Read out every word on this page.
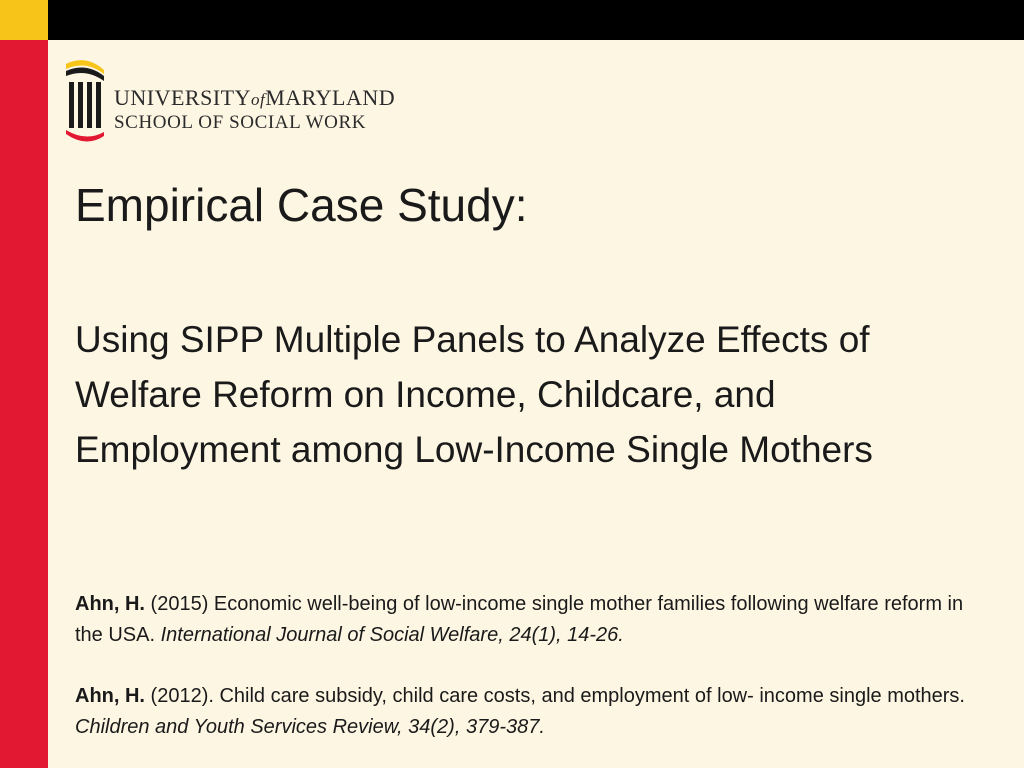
UNIVERSITYofMARYLAND
SCHOOL OF SOCIAL WORK
Empirical Case Study:
Using SIPP Multiple Panels to Analyze Effects of Welfare Reform on Income, Childcare, and Employment among Low-Income Single Mothers
Ahn, H. (2015) Economic well-being of low-income single mother families following welfare reform in the USA. International Journal of Social Welfare, 24(1), 14-26.
Ahn, H. (2012). Child care subsidy, child care costs, and employment of low- income single mothers. Children and Youth Services Review, 34(2), 379-387.
